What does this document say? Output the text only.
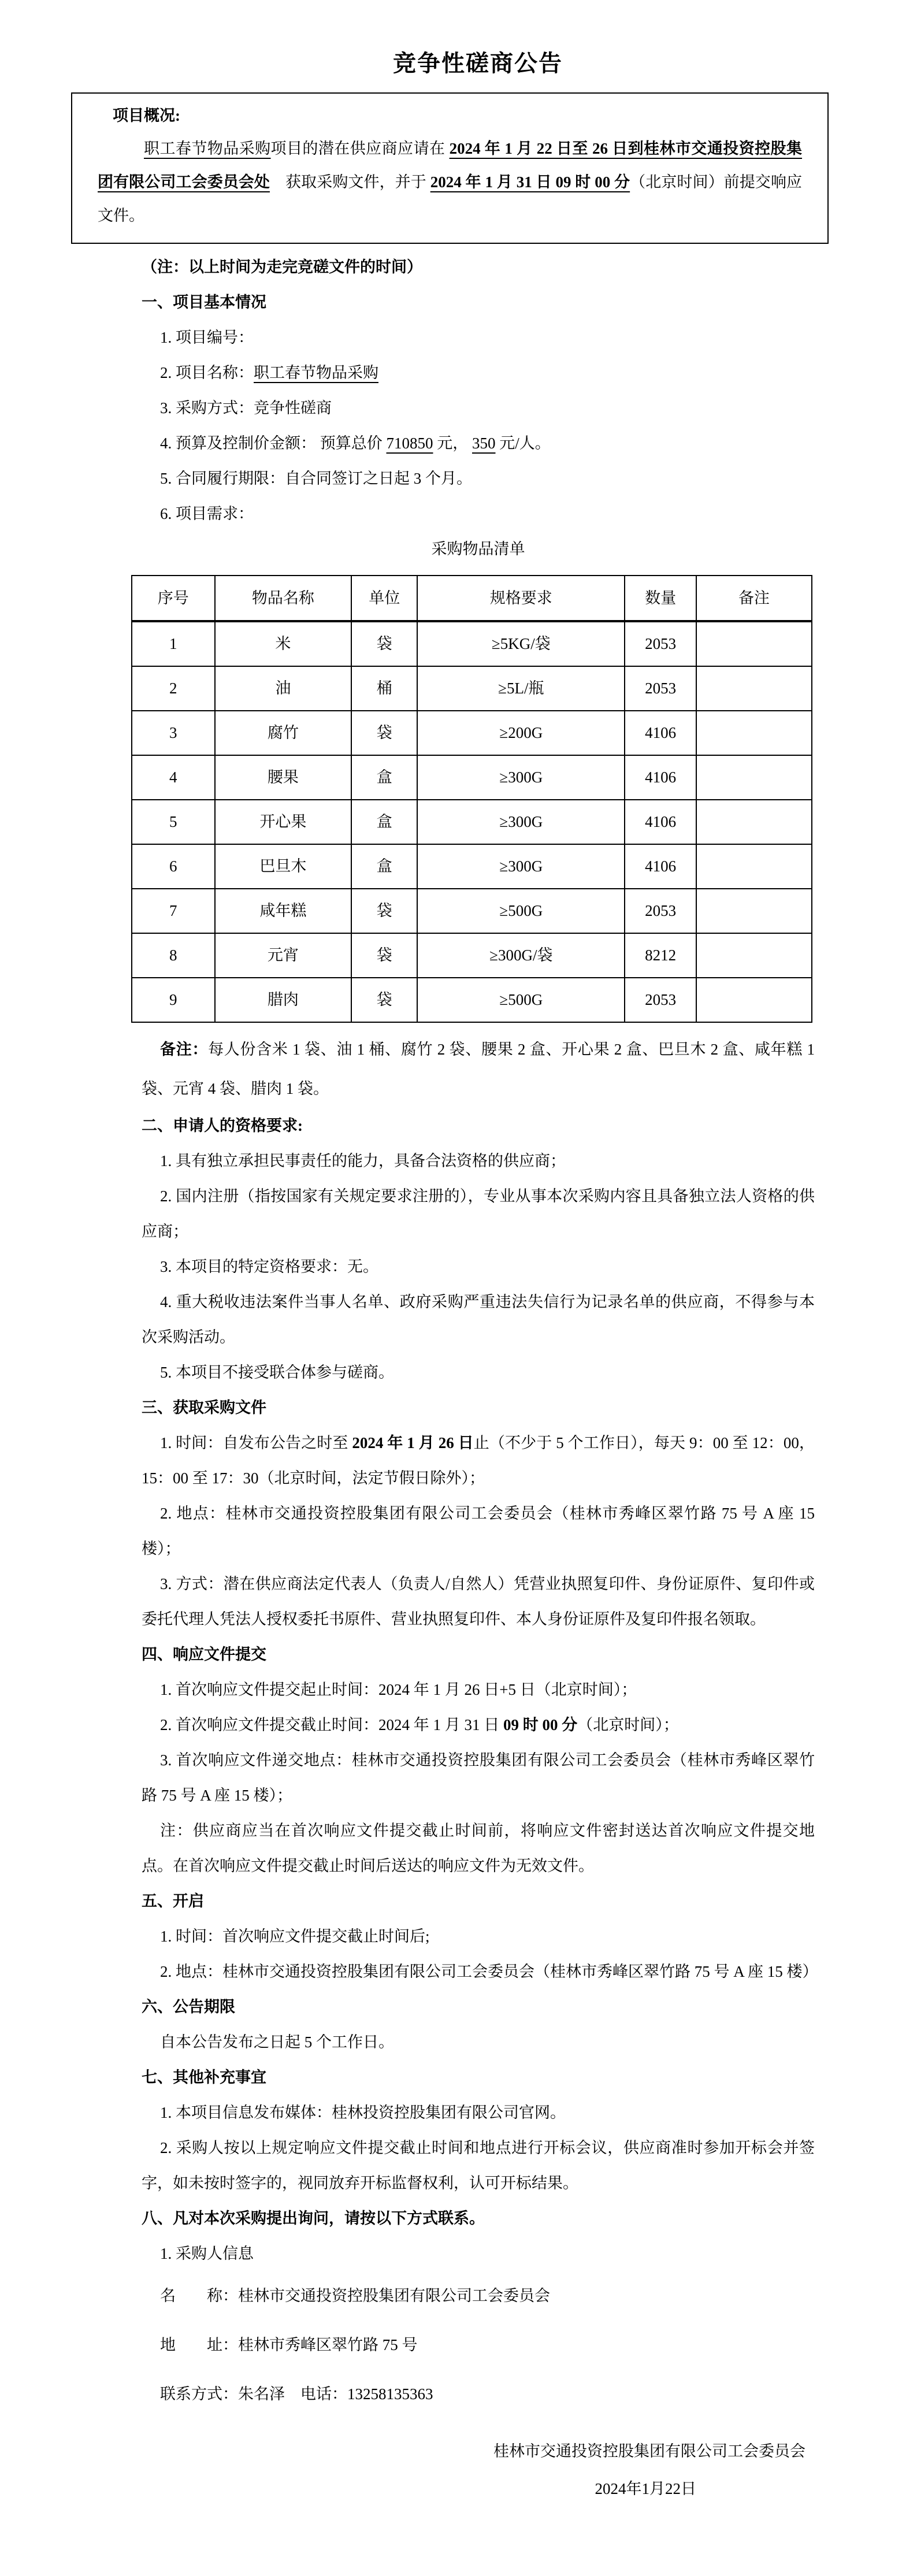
竞争性磋商公告
项目概况:
职工春节物品采购项目的潜在供应商应请在 2024 年 1 月 22 日至 26 日到桂林市交通投资控股集团有限公司工会委员会处　获取采购文件，并于 2024 年 1 月 31 日 09 时 00 分（北京时间）前提交响应文件。
（注：以上时间为走完竞磋文件的时间）
一、项目基本情况
1. 项目编号：
2. 项目名称：职工春节物品采购
3. 采购方式：竞争性磋商
4. 预算及控制价金额： 预算总价 710850 元， 350 元/人。
5. 合同履行期限：自合同签订之日起 3 个月。
6. 项目需求：
采购物品清单
序号	物品名称	单位	规格要求	数量	备注
1	米	袋	≥5KG/袋	2053	
2	油	桶	≥5L/瓶	2053	
3	腐竹	袋	≥200G	4106	
4	腰果	盒	≥300G	4106	
5	开心果	盒	≥300G	4106	
6	巴旦木	盒	≥300G	4106	
7	咸年糕	袋	≥500G	2053	
8	元宵	袋	≥300G/袋	8212	
9	腊肉	袋	≥500G	2053	
备注：每人份含米 1 袋、油 1 桶、腐竹 2 袋、腰果 2 盒、开心果 2 盒、巴旦木 2 盒、咸年糕 1 袋、元宵 4 袋、腊肉 1 袋。
二、申请人的资格要求:
1. 具有独立承担民事责任的能力，具备合法资格的供应商；
2. 国内注册（指按国家有关规定要求注册的），专业从事本次采购内容且具备独立法人资格的供应商；
3. 本项目的特定资格要求：无。
4. 重大税收违法案件当事人名单、政府采购严重违法失信行为记录名单的供应商，不得参与本次采购活动。
5. 本项目不接受联合体参与磋商。
三、获取采购文件
1. 时间：自发布公告之时至 2024 年 1 月 26 日止（不少于 5 个工作日），每天 9：00 至 12：00，15：00 至 17：30（北京时间，法定节假日除外）；
2. 地点：桂林市交通投资控股集团有限公司工会委员会（桂林市秀峰区翠竹路 75 号 A 座 15 楼）；
3. 方式：潜在供应商法定代表人（负责人/自然人）凭营业执照复印件、身份证原件、复印件或委托代理人凭法人授权委托书原件、营业执照复印件、本人身份证原件及复印件报名领取。
四、响应文件提交
1. 首次响应文件提交起止时间：2024 年 1 月 26 日+5 日（北京时间）；
2. 首次响应文件提交截止时间：2024 年 1 月 31 日 09 时 00 分（北京时间）；
3. 首次响应文件递交地点：桂林市交通投资控股集团有限公司工会委员会（桂林市秀峰区翠竹路 75 号 A 座 15 楼）；
注：供应商应当在首次响应文件提交截止时间前，将响应文件密封送达首次响应文件提交地点。在首次响应文件提交截止时间后送达的响应文件为无效文件。
五、开启
1. 时间：首次响应文件提交截止时间后;
2. 地点：桂林市交通投资控股集团有限公司工会委员会（桂林市秀峰区翠竹路 75 号 A 座 15 楼）
六、公告期限
自本公告发布之日起 5 个工作日。
七、其他补充事宜
1. 本项目信息发布媒体：桂林投资控股集团有限公司官网。
2. 采购人按以上规定响应文件提交截止时间和地点进行开标会议，供应商准时参加开标会并签字，如未按时签字的，视同放弃开标监督权利，认可开标结果。
八、凡对本次采购提出询问，请按以下方式联系。
1. 采购人信息
名　　称：桂林市交通投资控股集团有限公司工会委员会
地　　址：桂林市秀峰区翠竹路 75 号
联系方式：朱名泽　电话：13258135363
桂林市交通投资控股集团有限公司工会委员会
2024年1月22日
